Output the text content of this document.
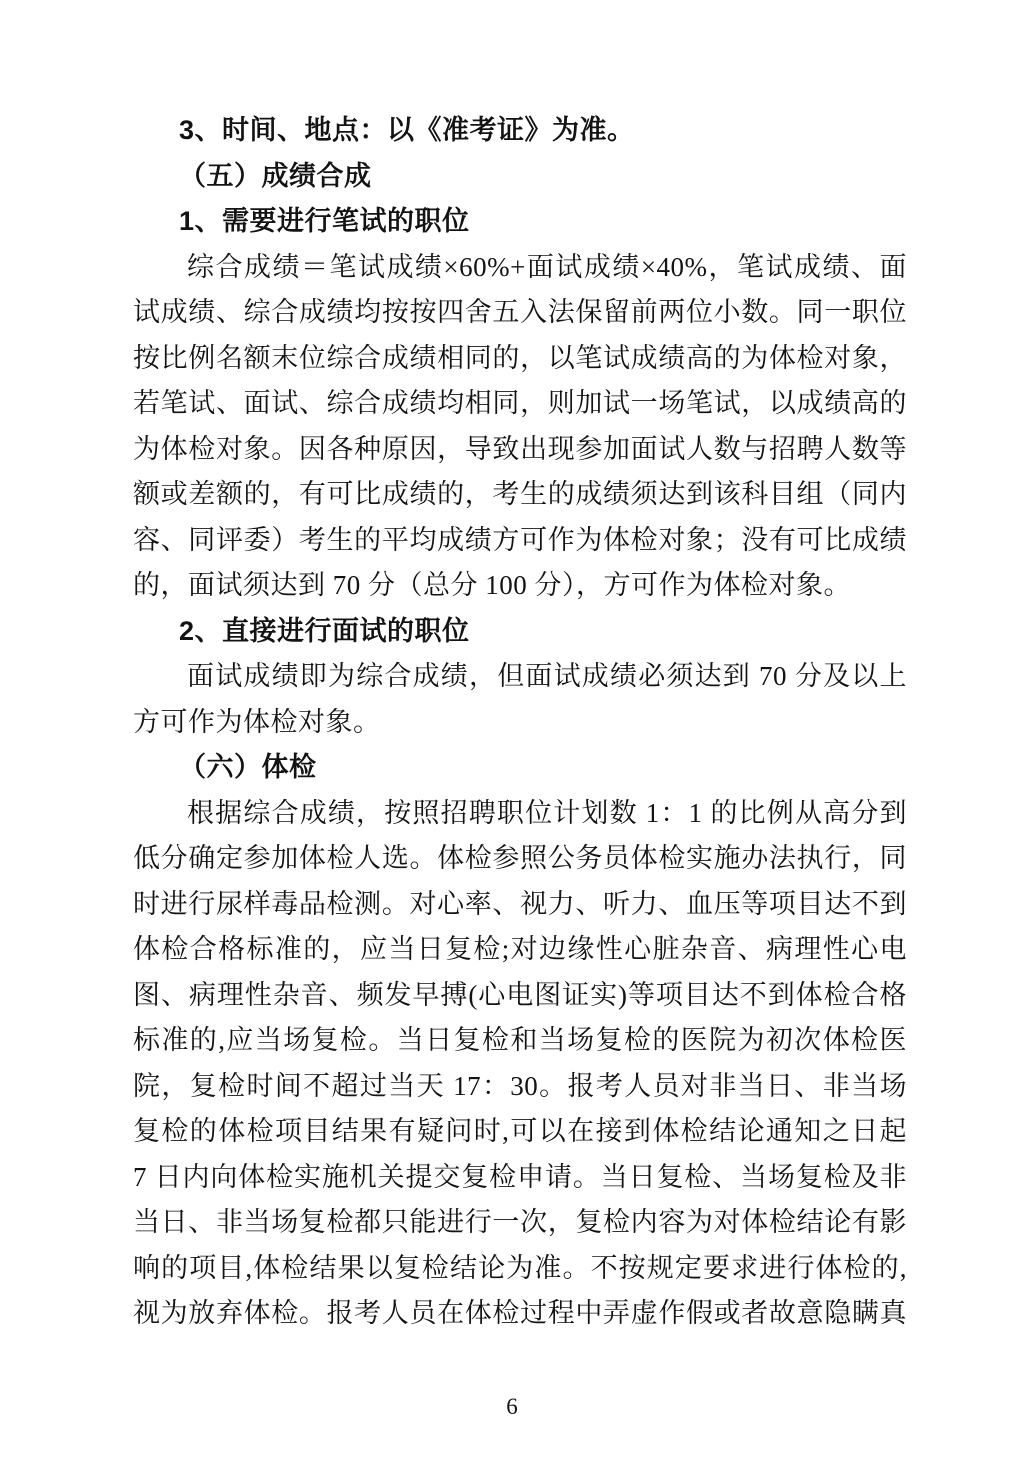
3、时间、地点：以《准考证》为准。
（五）成绩合成
1、需要进行笔试的职位
综合成绩＝笔试成绩×60%+面试成绩×40%，笔试成绩、面
试成绩、综合成绩均按按四舍五入法保留前两位小数。同一职位
按比例名额末位综合成绩相同的，以笔试成绩高的为体检对象，
若笔试、面试、综合成绩均相同，则加试一场笔试，以成绩高的
为体检对象。因各种原因，导致出现参加面试人数与招聘人数等
额或差额的，有可比成绩的，考生的成绩须达到该科目组（同内
容、同评委）考生的平均成绩方可作为体检对象；没有可比成绩
的，面试须达到 70 分（总分 100 分），方可作为体检对象。
2、直接进行面试的职位
面试成绩即为综合成绩，但面试成绩必须达到 70 分及以上
方可作为体检对象。
（六）体检
根据综合成绩，按照招聘职位计划数 1：1 的比例从高分到
低分确定参加体检人选。体检参照公务员体检实施办法执行，同
时进行尿样毒品检测。对心率、视力、听力、血压等项目达不到
体检合格标准的，应当日复检;对边缘性心脏杂音、病理性心电
图、病理性杂音、频发早搏(心电图证实)等项目达不到体检合格
标准的,应当场复检。当日复检和当场复检的医院为初次体检医
院，复检时间不超过当天 17：30。报考人员对非当日、非当场
复检的体检项目结果有疑问时,可以在接到体检结论通知之日起
7 日内向体检实施机关提交复检申请。当日复检、当场复检及非
当日、非当场复检都只能进行一次，复检内容为对体检结论有影
响的项目,体检结果以复检结论为准。不按规定要求进行体检的,
视为放弃体检。报考人员在体检过程中弄虚作假或者故意隐瞒真
6
